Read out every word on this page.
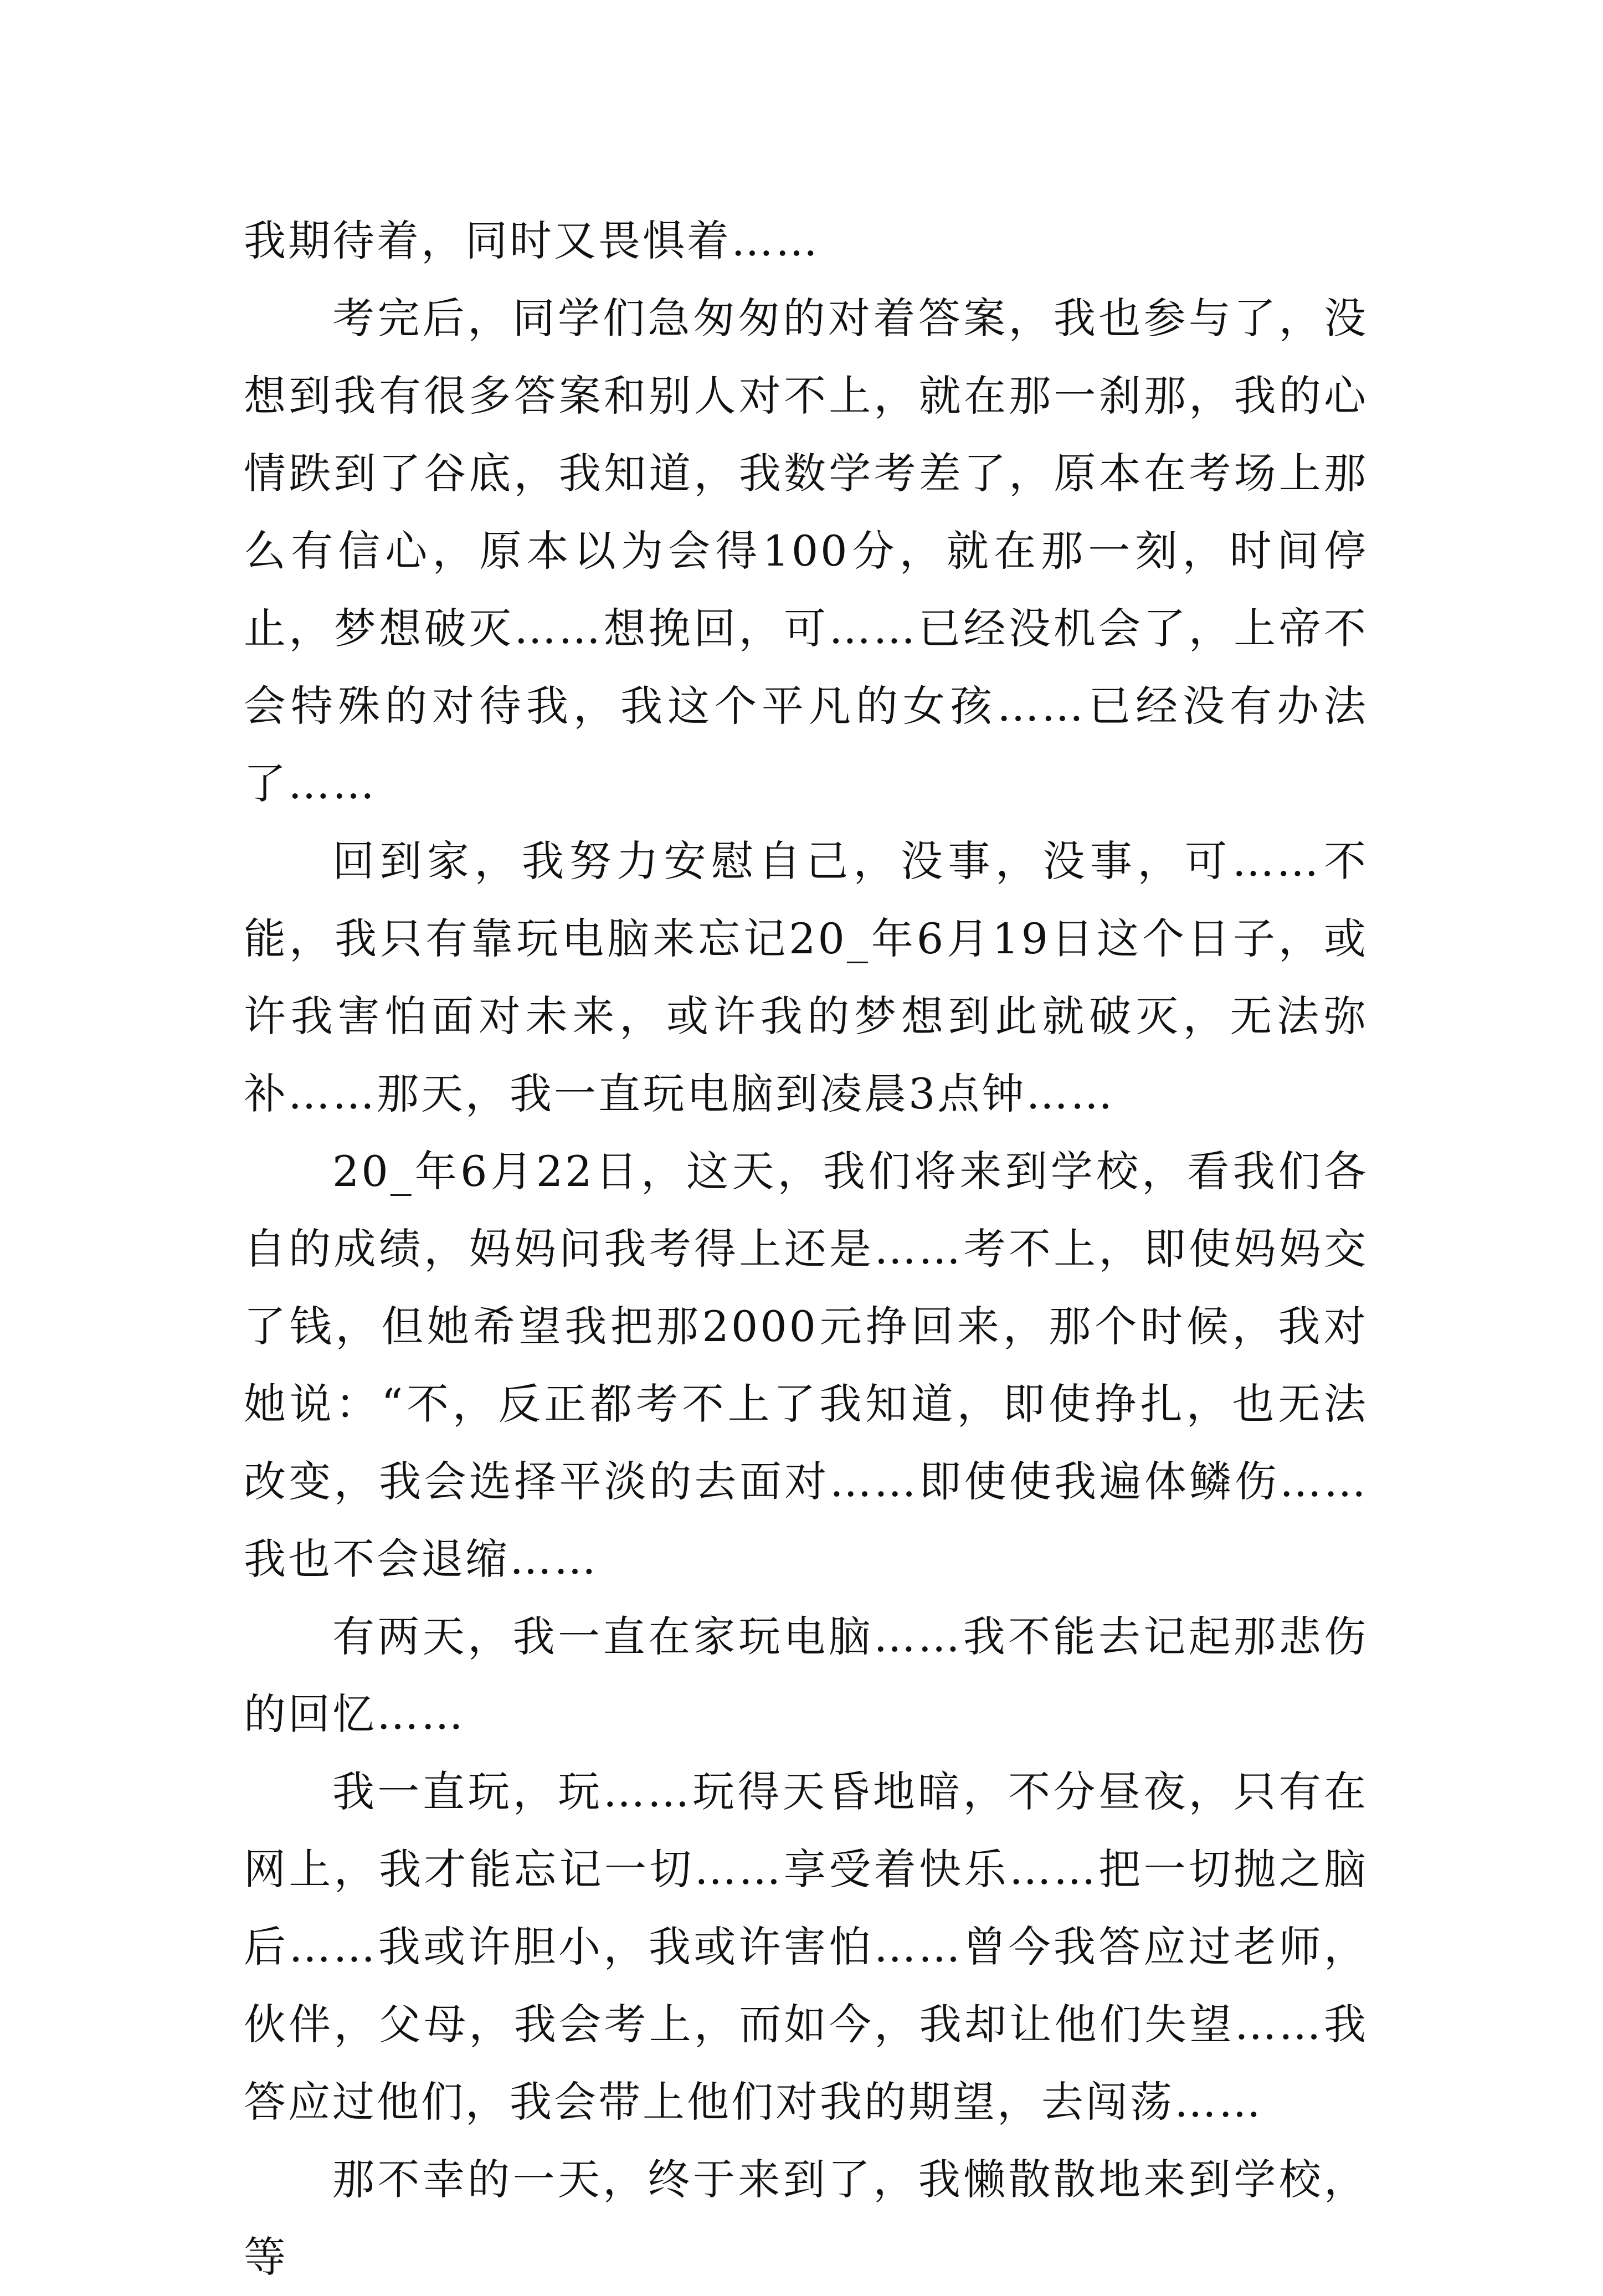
我期待着，同时又畏惧着……

考完后，同学们急匆匆的对着答案，我也参与了，没想到我有很多答案和别人对不上，就在那一刹那，我的心情跌到了谷底，我知道，我数学考差了，原本在考场上那么有信心，原本以为会得100分，就在那一刻，时间停止，梦想破灭……想挽回，可……已经没机会了，上帝不会特殊的对待我，我这个平凡的女孩……已经没有办法了……

回到家，我努力安慰自己，没事，没事，可……不能，我只有靠玩电脑来忘记20_年6月19日这个日子，或许我害怕面对未来，或许我的梦想到此就破灭，无法弥补……那天，我一直玩电脑到凌晨3点钟……

20_年6月22日，这天，我们将来到学校，看我们各自的成绩，妈妈问我考得上还是……考不上，即使妈妈交了钱，但她希望我把那2000元挣回来，那个时候，我对她说：“不，反正都考不上了我知道，即使挣扎，也无法改变，我会选择平淡的去面对……即使使我遍体鳞伤……我也不会退缩……

有两天，我一直在家玩电脑……我不能去记起那悲伤的回忆……

我一直玩，玩……玩得天昏地暗，不分昼夜，只有在网上，我才能忘记一切……享受着快乐……把一切抛之脑后……我或许胆小，我或许害怕……曾今我答应过老师，伙伴，父母，我会考上，而如今，我却让他们失望……我答应过他们，我会带上他们对我的期望，去闯荡……

那不幸的一天，终于来到了，我懒散散地来到学校，等
